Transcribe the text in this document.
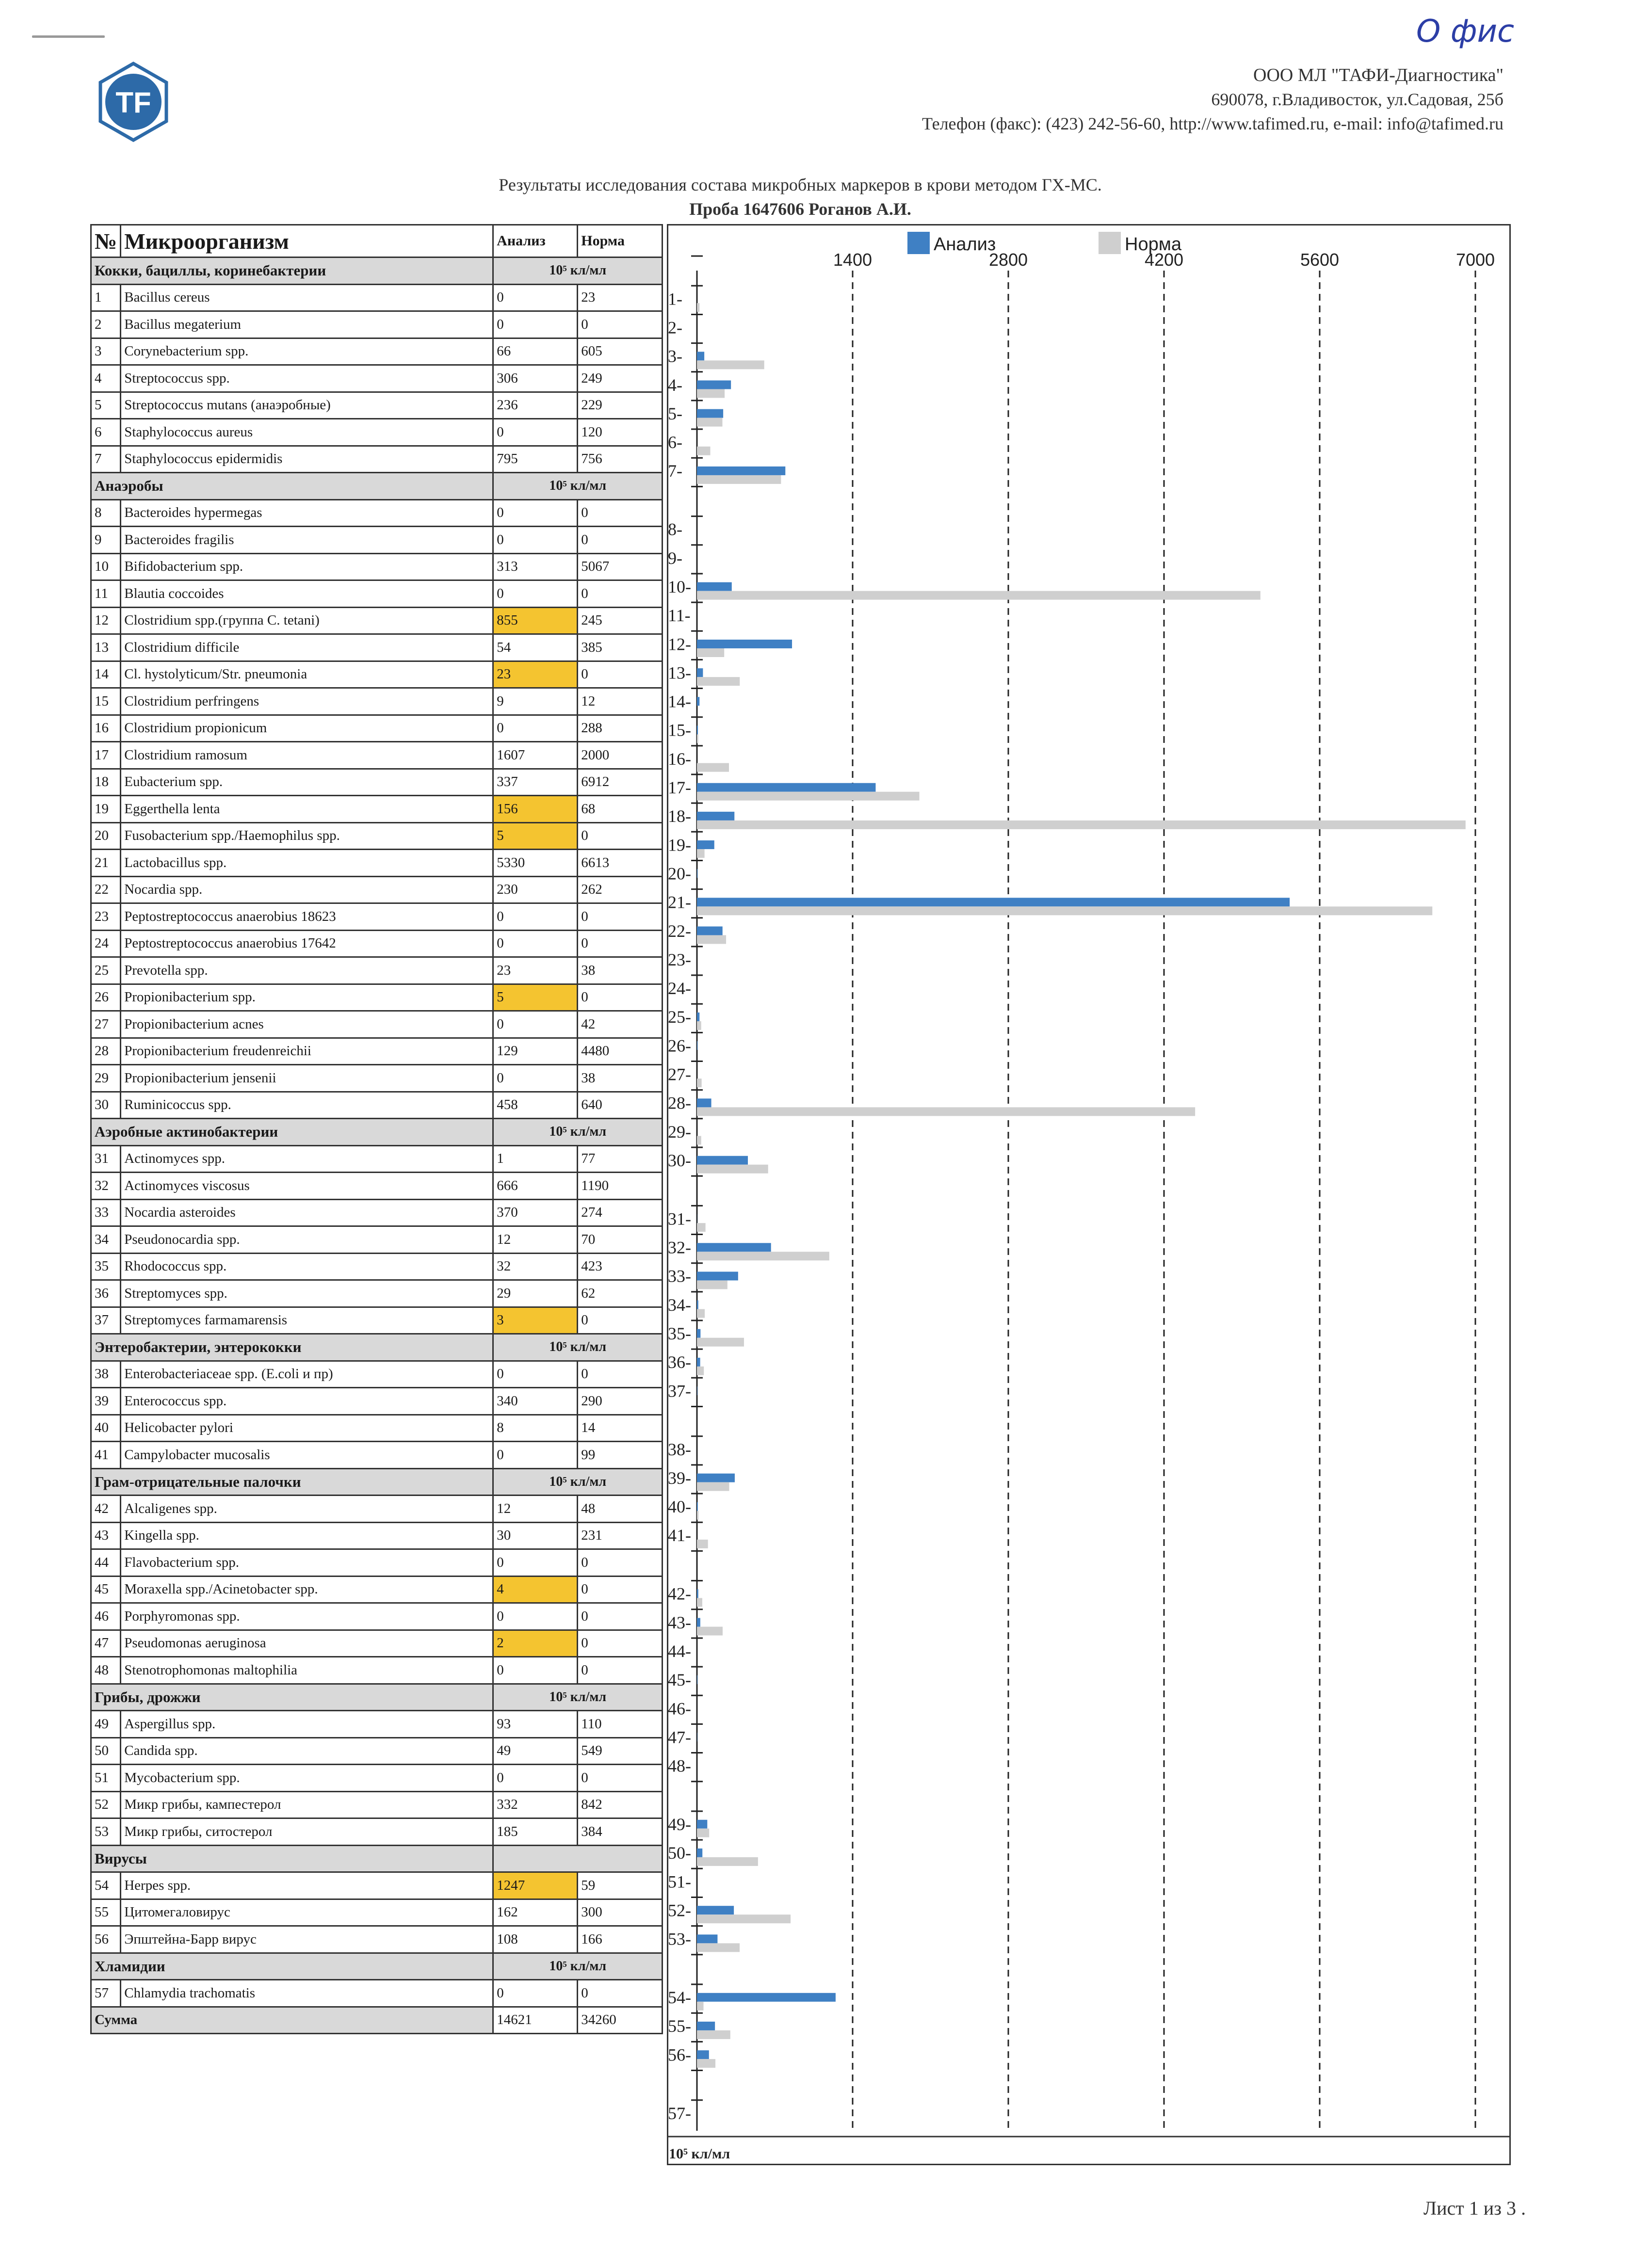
О фис
TF
ООО МЛ "ТАФИ-Диагностика"
690078, г.Владивосток, ул.Садовая, 25б
Телефон (факс): (423) 242-56-60, http://www.tafimed.ru, e-mail: info@tafimed.ru
Результаты исследования состава микробных маркеров в крови методом ГХ-МС.
Проба 1647606 Роганов А.И.
№	Микроорганизм	Анализ	Норма
Кокки, бациллы, коринебактерии		10⁵ кл/мл	
1	Bacillus cereus	0	23
2	Bacillus megaterium	0	0
3	Corynebacterium spp.	66	605
4	Streptococcus spp.	306	249
5	Streptococcus mutans (анаэробные)	236	229
6	Staphylococcus aureus	0	120
7	Staphylococcus epidermidis	795	756
Анаэробы		10⁵ кл/мл	
8	Bacteroides hypermegas	0	0
9	Bacteroides fragilis	0	0
10	Bifidobacterium spp.	313	5067
11	Blautia coccoides	0	0
12	Clostridium spp.(группа C. tetani)	855	245
13	Clostridium difficile	54	385
14	Cl. hystolyticum/Str. pneumonia	23	0
15	Clostridium perfringens	9	12
16	Clostridium propionicum	0	288
17	Clostridium ramosum	1607	2000
18	Eubacterium spp.	337	6912
19	Eggerthella lenta	156	68
20	Fusobacterium spp./Haemophilus spp.	5	0
21	Lactobacillus spp.	5330	6613
22	Nocardia spp.	230	262
23	Peptostreptococcus anaerobius 18623	0	0
24	Peptostreptococcus anaerobius 17642	0	0
25	Prevotella spp.	23	38
26	Propionibacterium spp.	5	0
27	Propionibacterium acnes	0	42
28	Propionibacterium freudenreichii	129	4480
29	Propionibacterium jensenii	0	38
30	Ruminicoccus spp.	458	640
Аэробные актинобактерии		10⁵ кл/мл	
31	Actinomyces spp.	1	77
32	Actinomyces viscosus	666	1190
33	Nocardia asteroides	370	274
34	Pseudonocardia spp.	12	70
35	Rhodococcus spp.	32	423
36	Streptomyces spp.	29	62
37	Streptomyces farmamarensis	3	0
Энтеробактерии, энтерококки		10⁵ кл/мл	
38	Enterobacteriaceae spp. (E.coli и пр)	0	0
39	Enterococcus spp.	340	290
40	Helicobacter pylori	8	14
41	Campylobacter mucosalis	0	99
Грам-отрицательные палочки		10⁵ кл/мл	
42	Alcaligenes spp.	12	48
43	Kingella spp.	30	231
44	Flavobacterium spp.	0	0
45	Moraxella spp./Acinetobacter spp.	4	0
46	Porphyromonas spp.	0	0
47	Pseudomonas aeruginosa	2	0
48	Stenotrophomonas maltophilia	0	0
Грибы, дрожжи		10⁵ кл/мл	
49	Aspergillus spp.	93	110
50	Candida spp.	49	549
51	Mycobacterium spp.	0	0
52	Микр грибы, кампестерол	332	842
53	Микр грибы, ситостерол	185	384
Вирусы			
54	Herpes spp.	1247	59
55	Цитомегаловирус	162	300
56	Эпштейна-Барр вирус	108	166
Хламидии		10⁵ кл/мл	
57	Chlamydia trachomatis	0	0
Сумма		14621	34260
Анализ	Норма
1400	2800	4200	5600	7000
1-
2-
3-
4-
5-
6-
7-
8-
9-
10-
11-
12-
13-
14-
15-
16-
17-
18-
19-
20-
21-
22-
23-
24-
25-
26-
27-
28-
29-
30-
31-
32-
33-
34-
35-
36-
37-
38-
39-
40-
41-
42-
43-
44-
45-
46-
47-
48-
49-
50-
51-
52-
53-
54-
55-
56-
57-
10⁵ кл/мл
Лист 1 из 3 .
